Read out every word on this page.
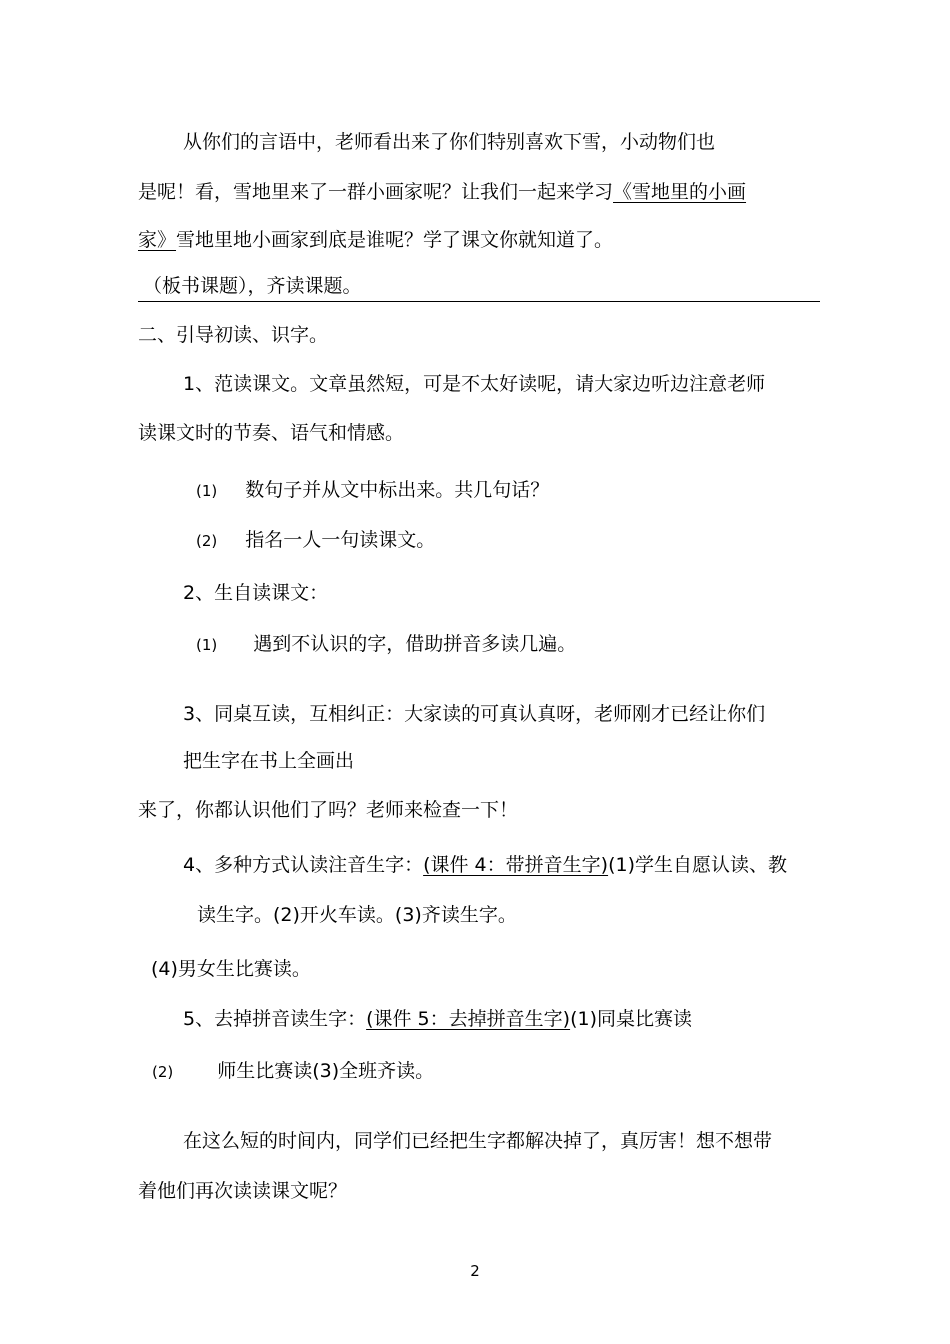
从你们的言语中，老师看出来了你们特别喜欢下雪，小动物们也
是呢！看，雪地里来了一群小画家呢？让我们一起来学习《雪地里的小画
家》雪地里地小画家到底是谁呢？学了课文你就知道了。
（板书课题），齐读课题。
二、引导初读、识字。
1、范读课文。文章虽然短，可是不太好读呢，请大家边听边注意老师
读课文时的节奏、语气和情感。
(1) 数句子并从文中标出来。共几句话？
(2) 指名一人一句读课文。
2、生自读课文：
(1) 遇到不认识的字，借助拼音多读几遍。
3、同桌互读，互相纠正：大家读的可真认真呀，老师刚才已经让你们
把生字在书上全画出
来了，你都认识他们了吗？老师来检查一下！
4、多种方式认读注音生字：(课件 4：带拼音生字)(1)学生自愿认读、教
读生字。(2)开火车读。(3)齐读生字。
(4)男女生比赛读。
5、去掉拼音读生字：(课件 5：去掉拼音生字)(1)同桌比赛读
(2) 师生比赛读(3)全班齐读。
在这么短的时间内，同学们已经把生字都解决掉了，真厉害！想不想带
着他们再次读读课文呢？
2
